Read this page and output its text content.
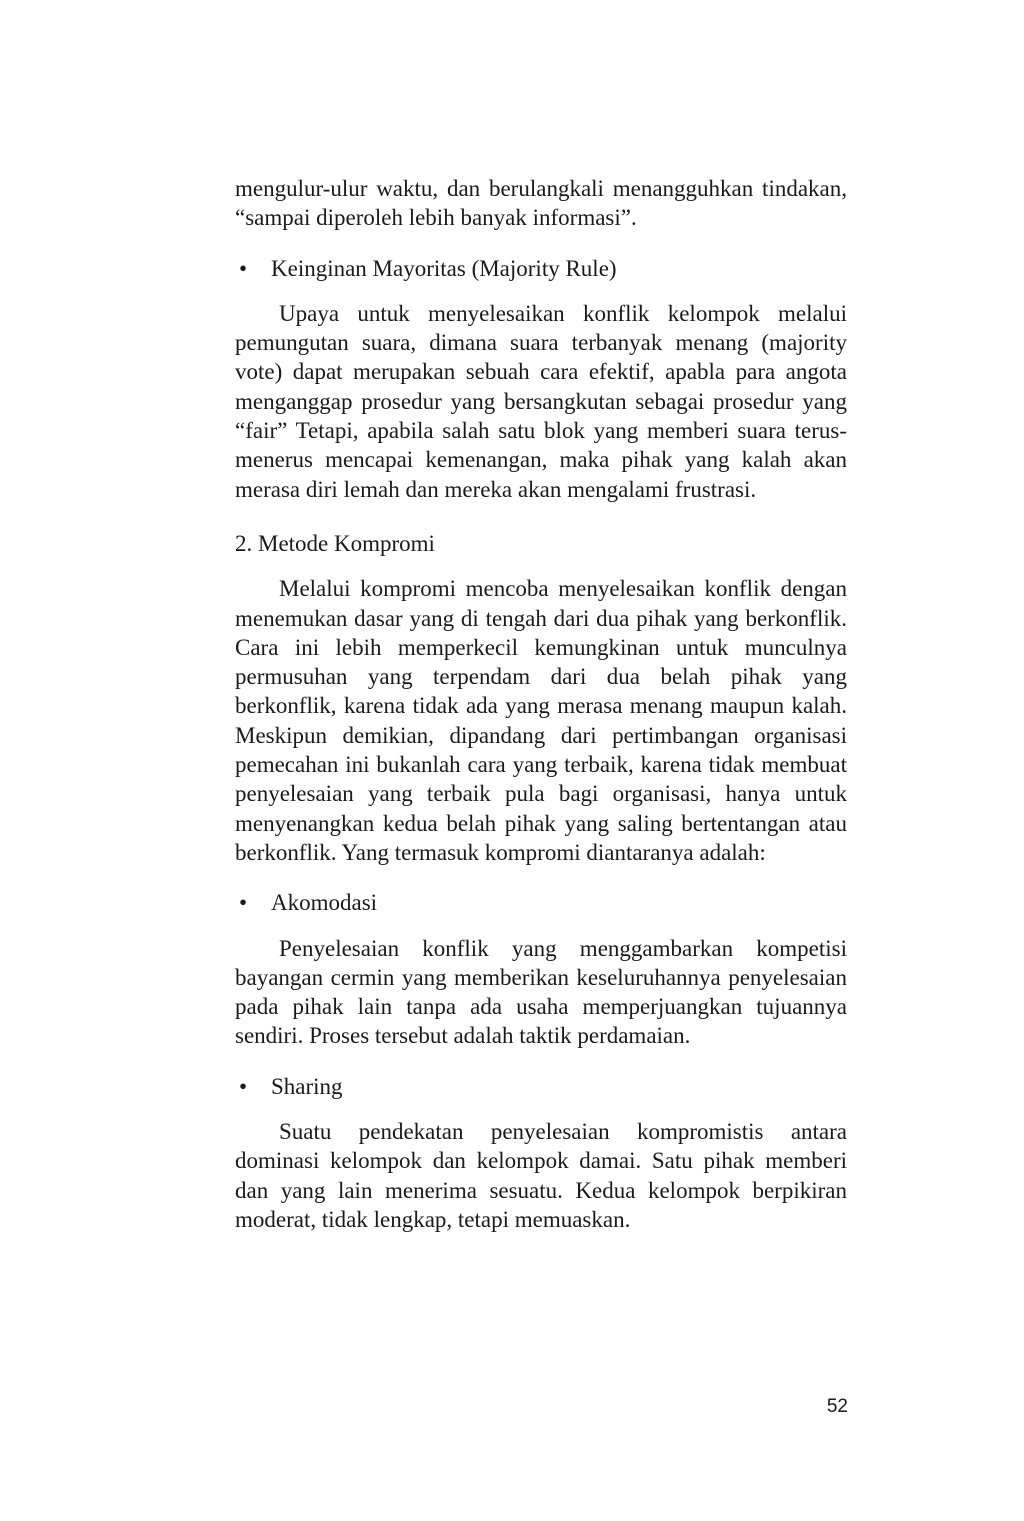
mengulur-ulur waktu, dan berulangkali menangguhkan tindakan, “sampai diperoleh lebih banyak informasi”.

• Keinginan Mayoritas (Majority Rule)

Upaya untuk menyelesaikan konflik kelompok melalui pemungutan suara, dimana suara terbanyak menang (majority vote) dapat merupakan sebuah cara efektif, apabla para angota menganggap prosedur yang bersangkutan sebagai prosedur yang “fair” Tetapi, apabila salah satu blok yang memberi suara terus-menerus mencapai kemenangan, maka pihak yang kalah akan merasa diri lemah dan mereka akan mengalami frustrasi.

2. Metode Kompromi

Melalui kompromi mencoba menyelesaikan konflik dengan menemukan dasar yang di tengah dari dua pihak yang berkonflik. Cara ini lebih memperkecil kemungkinan untuk munculnya permusuhan yang terpendam dari dua belah pihak yang berkonflik, karena tidak ada yang merasa menang maupun kalah. Meskipun demikian, dipandang dari pertimbangan organisasi pemecahan ini bukanlah cara yang terbaik, karena tidak membuat penyelesaian yang terbaik pula bagi organisasi, hanya untuk menyenangkan kedua belah pihak yang saling bertentangan atau berkonflik. Yang termasuk kompromi diantaranya adalah:

• Akomodasi

Penyelesaian konflik yang menggambarkan kompetisi bayangan cermin yang memberikan keseluruhannya penyelesaian pada pihak lain tanpa ada usaha memperjuangkan tujuannya sendiri. Proses tersebut adalah taktik perdamaian.

• Sharing

Suatu pendekatan penyelesaian kompromistis antara dominasi kelompok dan kelompok damai. Satu pihak memberi dan yang lain menerima sesuatu. Kedua kelompok berpikiran moderat, tidak lengkap, tetapi memuaskan.

52
